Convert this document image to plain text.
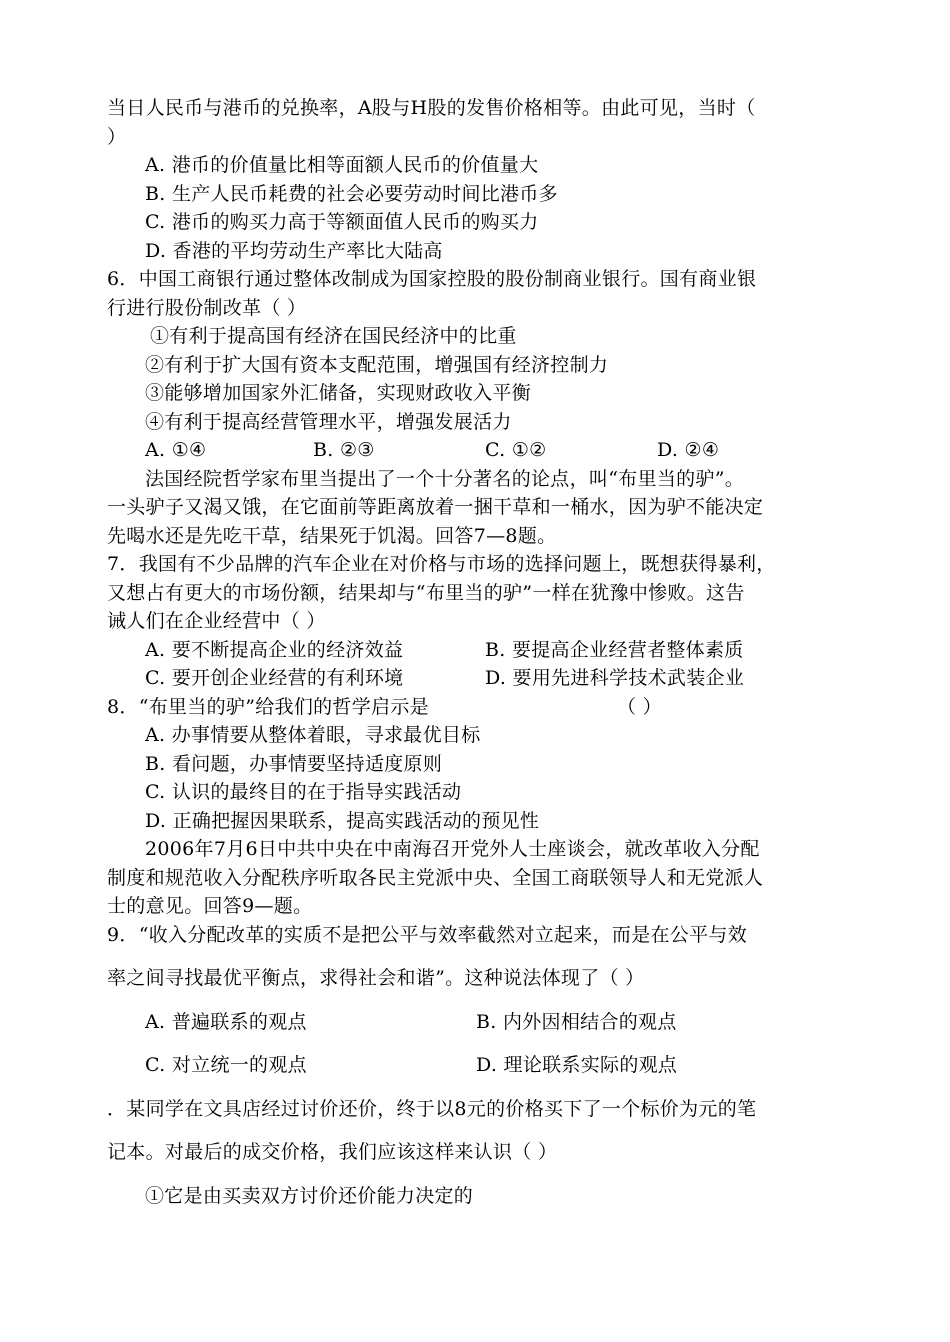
当日人民币与港币的兑换率，A股与H股的发售价格相等。由此可见，当时（
）
A. 港币的价值量比相等面额人民币的价值量大
B. 生产人民币耗费的社会必要劳动时间比港币多
C. 港币的购买力高于等额面值人民币的购买力
D. 香港的平均劳动生产率比大陆高
6．中国工商银行通过整体改制成为国家控股的股份制商业银行。国有商业银
行进行股份制改革（ ）
①有利于提高国有经济在国民经济中的比重
②有利于扩大国有资本支配范围，增强国有经济控制力
③能够增加国家外汇储备，实现财政收入平衡
④有利于提高经营管理水平，增强发展活力
A. ①④	B. ②③	C. ①②	D. ②④
法国经院哲学家布里当提出了一个十分著名的论点，叫“布里当的驴”。
一头驴子又渴又饿，在它面前等距离放着一捆干草和一桶水，因为驴不能决定
先喝水还是先吃干草，结果死于饥渴。回答7—8题。
7．我国有不少品牌的汽车企业在对价格与市场的选择问题上，既想获得暴利，
又想占有更大的市场份额，结果却与“布里当的驴”一样在犹豫中惨败。这告
诫人们在企业经营中（ ）
A. 要不断提高企业的经济效益	B. 要提高企业经营者整体素质
C. 要开创企业经营的有利环境	D. 要用先进科学技术武装企业
8．“布里当的驴”给我们的哲学启示是	（ ）
A. 办事情要从整体着眼，寻求最优目标
B. 看问题，办事情要坚持适度原则
C. 认识的最终目的在于指导实践活动
D. 正确把握因果联系，提高实践活动的预见性
2006年7月6日中共中央在中南海召开党外人士座谈会，就改革收入分配
制度和规范收入分配秩序听取各民主党派中央、全国工商联领导人和无党派人
士的意见。回答9—题。
9．“收入分配改革的实质不是把公平与效率截然对立起来，而是在公平与效
率之间寻找最优平衡点，求得社会和谐”。这种说法体现了（ ）
A. 普遍联系的观点	B. 内外因相结合的观点
C. 对立统一的观点	D. 理论联系实际的观点
．某同学在文具店经过讨价还价，终于以8元的价格买下了一个标价为元的笔
记本。对最后的成交价格，我们应该这样来认识（ ）
①它是由买卖双方讨价还价能力决定的
